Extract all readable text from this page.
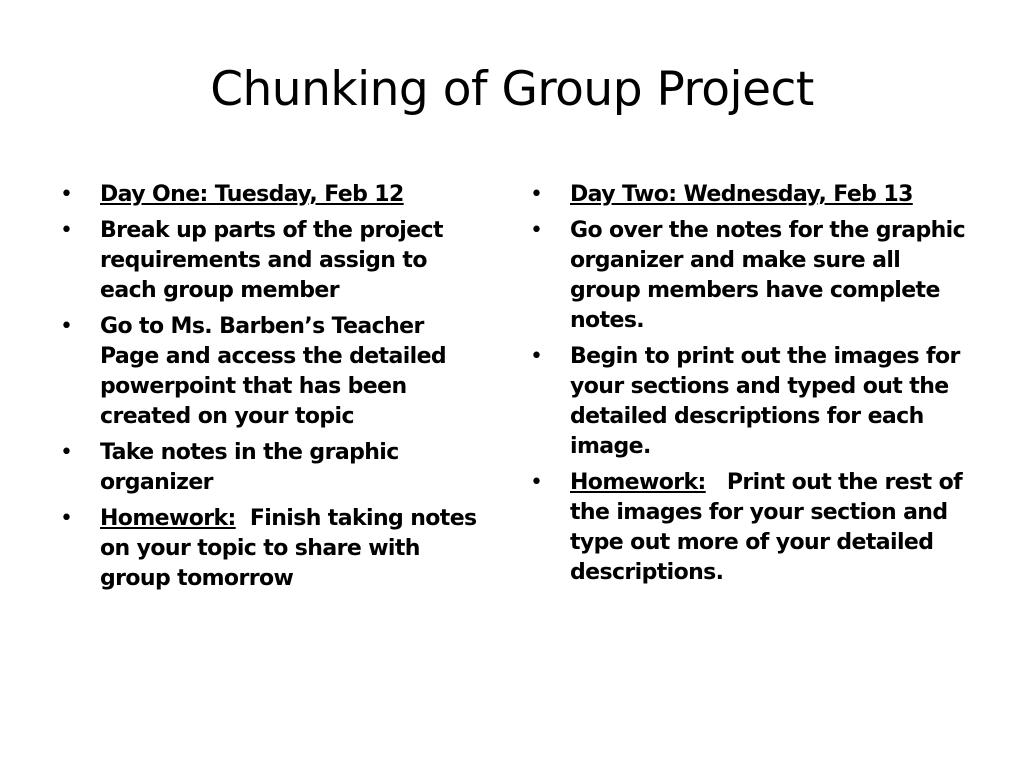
Chunking of Group Project
• Day One: Tuesday, Feb 12
• Break up parts of the project requirements and assign to each group member
• Go to Ms. Barben’s Teacher Page and access the detailed powerpoint that has been created on your topic
• Take notes in the graphic organizer
• Homework:  Finish taking notes on your topic to share with group tomorrow
• Day Two: Wednesday, Feb 13
• Go over the notes for the graphic organizer and make sure all group members have complete notes.
• Begin to print out the images for your sections and typed out the detailed descriptions for each image.
• Homework:   Print out the rest of the images for your section and type out more of your detailed descriptions.
